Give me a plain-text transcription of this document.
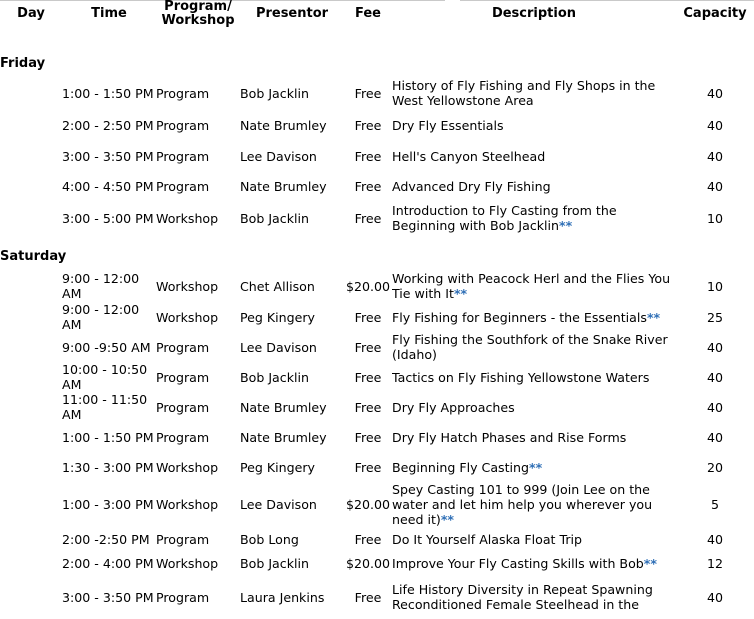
Day	Time	Program/
Workshop	Presentor	Fee	Description	Capacity

Friday						
	1:00 - 1:50 PM	Program	Bob Jacklin	Free	History of Fly Fishing and Fly Shops in the West Yellowstone Area	40
	2:00 - 2:50 PM	Program	Nate Brumley	Free	Dry Fly Essentials	40
	3:00 - 3:50 PM	Program	Lee Davison	Free	Hell's Canyon Steelhead	40
	4:00 - 4:50 PM	Program	Nate Brumley	Free	Advanced Dry Fly Fishing	40
	3:00 - 5:00 PM	Workshop	Bob Jacklin	Free	Introduction to Fly Casting from the Beginning with Bob Jacklin**	10

Saturday						
	9:00 - 12:00 AM	Workshop	Chet Allison	$20.00	Working with Peacock Herl and the Flies You Tie with It**	10
	9:00 - 12:00 AM	Workshop	Peg Kingery	Free	Fly Fishing for Beginners - the Essentials**	25
	9:00 -9:50 AM	Program	Lee Davison	Free	Fly Fishing the Southfork of the Snake River (Idaho)	40
	10:00 - 10:50 AM	Program	Bob Jacklin	Free	Tactics on Fly Fishing Yellowstone Waters	40
	11:00 - 11:50 AM	Program	Nate Brumley	Free	Dry Fly Approaches	40
	1:00 - 1:50 PM	Program	Nate Brumley	Free	Dry Fly Hatch Phases and Rise Forms	40
	1:30 - 3:00 PM	Workshop	Peg Kingery	Free	Beginning Fly Casting**	20
	1:00 - 3:00 PM	Workshop	Lee Davison	$20.00	Spey Casting 101 to 999 (Join Lee on the water and let him help you wherever you need it)**	5
	2:00 -2:50 PM	Program	Bob Long	Free	Do It Yourself Alaska Float Trip	40
	2:00 - 4:00 PM	Workshop	Bob Jacklin	$20.00	Improve Your Fly Casting Skills with Bob**	12
	3:00 - 3:50 PM	Program	Laura Jenkins	Free	Life History Diversity in Repeat Spawning Reconditioned Female Steelhead in the	40
